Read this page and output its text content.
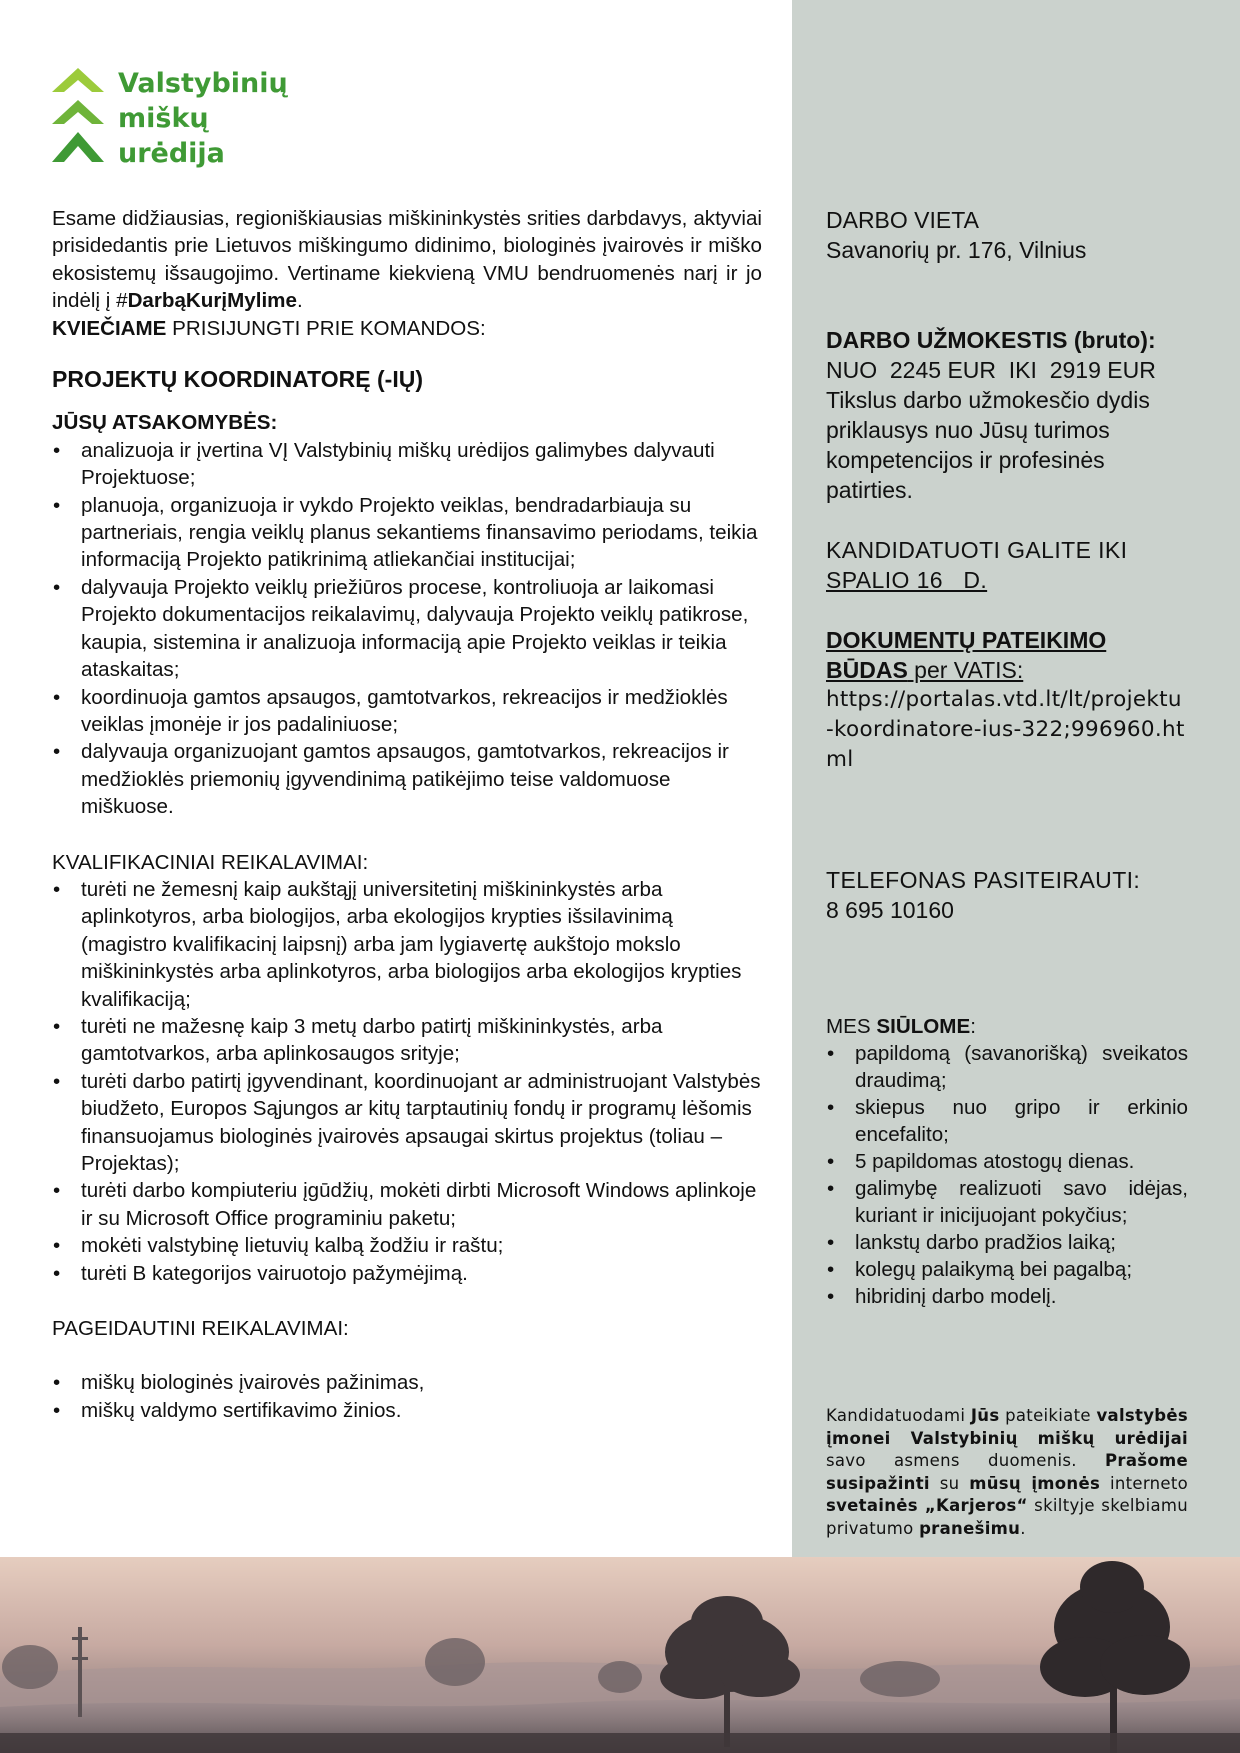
Valstybinių
miškų
urėdija

Esame didžiausias, regioniškiausias miškininkystės srities darbdavys, aktyviai prisidedantis prie Lietuvos miškingumo didinimo, biologinės įvairovės ir miško ekosistemų išsaugojimo. Vertiname kiekvieną VMU bendruomenės narį ir jo indėlį į #DarbąKurįMylime.

KVIEČIAME PRISIJUNGTI PRIE KOMANDOS:

PROJEKTŲ KOORDINATORĘ (-IŲ)
JŪSŲ ATSAKOMYBĖS:
• analizuoja ir įvertina VĮ Valstybinių miškų urėdijos galimybes dalyvauti Projektuose;
• planuoja, organizuoja ir vykdo Projekto veiklas, bendradarbiauja su partneriais, rengia veiklų planus sekantiems finansavimo periodams, teikia informaciją Projekto patikrinimą atliekančiai institucijai;
• dalyvauja Projekto veiklų priežiūros procese, kontroliuoja ar laikomasi Projekto dokumentacijos reikalavimų, dalyvauja Projekto veiklų patikrose, kaupia, sistemina ir analizuoja informaciją apie Projekto veiklas ir teikia ataskaitas;
• koordinuoja gamtos apsaugos, gamtotvarkos, rekreacijos ir medžioklės veiklas įmonėje ir jos padaliniuose;
• dalyvauja organizuojant gamtos apsaugos, gamtotvarkos, rekreacijos ir medžioklės priemonių įgyvendinimą patikėjimo teise valdomuose miškuose.
KVALIFIKACINIAI REIKALAVIMAI:
• turėti ne žemesnį kaip aukštąjį universitetinį miškininkystės arba aplinkotyros, arba biologijos, arba ekologijos krypties išsilavinimą (magistro kvalifikacinį laipsnį) arba jam lygiavertę aukštojo mokslo miškininkystės arba aplinkotyros, arba biologijos arba ekologijos krypties kvalifikaciją;
• turėti ne mažesnę kaip 3 metų darbo patirtį miškininkystės, arba gamtotvarkos, arba aplinkosaugos srityje;
• turėti darbo patirtį įgyvendinant, koordinuojant ar administruojant Valstybės biudžeto, Europos Sąjungos ar kitų tarptautinių fondų ir programų lėšomis finansuojamus biologinės įvairovės apsaugai skirtus projektus (toliau – Projektas);
• turėti darbo kompiuteriu įgūdžių, mokėti dirbti Microsoft Windows aplinkoje ir su Microsoft Office programiniu paketu;
• mokėti valstybinę lietuvių kalbą žodžiu ir raštu;
• turėti B kategorijos vairuotojo pažymėjimą.
PAGEIDAUTINI REIKALAVIMAI:
• miškų biologinės įvairovės pažinimas,
• miškų valdymo sertifikavimo žinios.
DARBO VIETA
Savanorių pr. 176, Vilnius
DARBO UŽMOKESTIS (bruto):
NUO  2245 EUR  IKI  2919 EUR
Tikslus darbo užmokesčio dydis priklausys nuo Jūsų turimos kompetencijos ir profesinės patirties.
KANDIDATUOTI GALITE IKI
SPALIO 16   D.
DOKUMENTŲ PATEIKIMO BŪDAS per VATIS:
https://portalas.vtd.lt/lt/projektu-koordinatore-ius-322;996960.html
TELEFONAS PASITEIRAUTI:
8 695 10160
MES SIŪLOME:
• papildomą (savanorišką) sveikatos draudimą;
• skiepus nuo gripo ir erkinio encefalito;
• 5 papildomas atostogų dienas.
• galimybę realizuoti savo idėjas, kuriant ir inicijuojant pokyčius;
• lankstų darbo pradžios laiką;
• kolegų palaikymą bei pagalbą;
• hibridinį darbo modelį.
Kandidatuodami Jūs pateikiate valstybės įmonei Valstybinių miškų urėdijai savo asmens duomenis. Prašome susipažinti su mūsų įmonės interneto svetainės „Karjeros“ skiltyje skelbiamu privatumo pranešimu.
